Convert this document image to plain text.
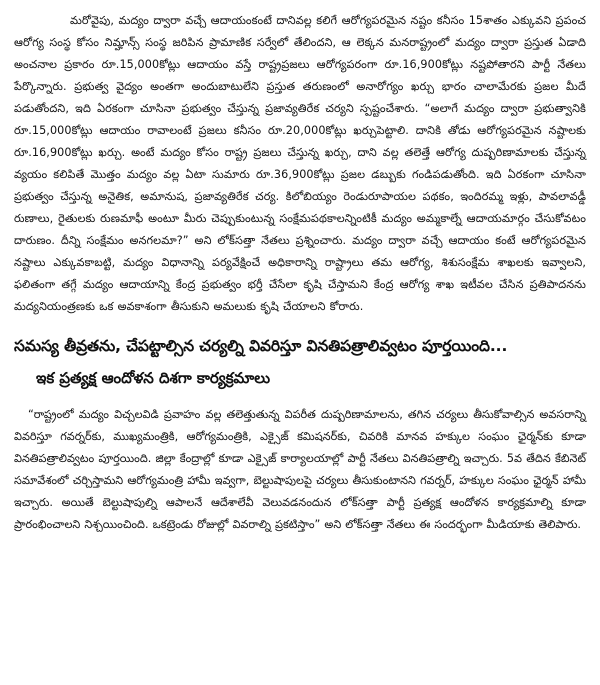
మరోవైపు, మద్యం ద్వారా వచ్చే ఆదాయంకంటే దానివల్ల కలిగే ఆరోగ్యపరమైన నష్టం కనీసం 15శాతం ఎక్కువని ప్రపంచ ఆరోగ్య సంస్థ కోసం నిమ్హాన్స్ సంస్థ జరిపిన ప్రామాణిక సర్వేలో తేలిందని, ఆ లెక్కన మనరాష్ట్రంలో మద్యం ద్వారా ప్రస్తుత ఏడాది అంచనాల ప్రకారం రూ.15,000కోట్లు ఆదాయం వస్తే రాష్ట్రప్రజలు ఆరోగ్యపరంగా రూ.16,900కోట్లు నష్టపోతారని పార్టీ నేతలు పేర్కొన్నారు. ప్రభుత్వ వైద్యం అంతగా అందుబాటులేని ప్రస్తుత తరుణంలో అనారోగ్యం ఖర్చు భారం చాలామేరకు ప్రజల మీదే పడుతోందని, ఇది ఏరకంగా చూసినా ప్రభుత్వం చేస్తున్న ప్రజావ్యతిరేక చర్యని స్పష్టంచేశారు. “అలాగే మద్యం ద్వారా ప్రభుత్వానికి రూ.15,000కోట్లు ఆదాయం రావాలంటే ప్రజలు కనీసం రూ.20,000కోట్లు ఖర్చుపెట్టాలి. దానికి తోడు ఆరోగ్యపరమైన నష్టాలకు రూ.16,900కోట్లు ఖర్చు. అంటే మద్యం కోసం రాష్ట్ర ప్రజలు చేస్తున్న ఖర్చు, దాని వల్ల తలెత్తే ఆరోగ్య దుష్పరిణామాలకు చేస్తున్న వ్యయం కలిపితే మొత్తం మద్యం వల్ల ఏటా సుమారు రూ.36,900కోట్లు ప్రజల డబ్బుకు గండిపడుతోంది. ఇది ఏరకంగా చూసినా ప్రభుత్వం చేస్తున్న అనైతిక, అమానుష, ప్రజావ్యతిరేక చర్య. కిలోబియ్యం రెండురూపాయల పథకం, ఇందిరమ్మ ఇళ్లు, పావలావడ్డీ రుణాలు, రైతులకు రుణమాఫీ అంటూ మీరు చెప్పుకుంటున్న సంక్షేమపథకాలన్నింటికీ మద్యం అమ్మకాల్నే ఆదాయమార్గం చేసుకోవటం దారుణం. దీన్ని సంక్షేమం అనగలమా?” అని లోక్‌సత్తా నేతలు ప్రశ్నించారు. మద్యం ద్వారా వచ్చే ఆదాయం కంటే ఆరోగ్యపరమైన నష్టాలు ఎక్కువకాబట్టి, మద్యం విధానాన్ని పర్యవేక్షించే అధికారాన్ని రాష్ట్రాలు తమ ఆరోగ్య, శిశుసంక్షేమ శాఖలకు ఇవ్వాలని, ఫలితంగా తగ్గే మద్యం ఆదాయాన్ని కేంద్ర ప్రభుత్వం భర్తీ చేసేలా కృషి చేస్తామని కేంద్ర ఆరోగ్య శాఖ ఇటీవల చేసిన ప్రతిపాదనను మద్యనియంత్రణకు ఒక అవకాశంగా తీసుకుని అమలుకు కృషి చేయాలని కోరారు.

సమస్య తీవ్రతను, చేపట్టాల్సిన చర్యల్ని వివరిస్తూ వినతిపత్రాలివ్వటం పూర్తయింది...
ఇక ప్రత్యక్ష ఆందోళన దిశగా కార్యక్రమాలు

“రాష్ట్రంలో మద్యం విచ్చలవిడి ప్రవాహం వల్ల తలెత్తుతున్న విపరీత దుష్పరిణామాలను, తగిన చర్యలు తీసుకోవాల్సిన అవసరాన్ని వివరిస్తూ గవర్నర్‌కు, ముఖ్యమంత్రికి, ఆరోగ్యమంత్రికి, ఎక్సైజ్ కమిషనర్‌కు, చివరికి మానవ హక్కుల సంఘం ఛైర్మన్‌కు కూడా వినతిపత్రాలివ్వటం పూర్తయింది. జిల్లా కేంద్రాల్లో కూడా ఎక్సైజ్ కార్యాలయాల్లో పార్టీ నేతలు వినతిపత్రాల్ని ఇచ్చారు. 5వ తేదిన కేబినెట్ సమావేశంలో చర్చిస్తామని ఆరోగ్యమంత్రి హామీ ఇవ్వగా, బెల్టుషాపులపై చర్యలు తీసుకుంటానని గవర్నర్, హక్కుల సంఘం ఛైర్మన్ హామీ ఇచ్చారు. అయితే బెల్టుషాపుల్ని ఆపాలనే ఆదేశాలేవీ వెలువడనందున లోక్‌సత్తా పార్టీ ప్రత్యక్ష ఆందోళన కార్యక్రమాల్ని కూడా ప్రారంభించాలని నిశ్చయించింది. ఒకట్రెండు రోజుల్లో వివరాల్ని ప్రకటిస్తాం” అని లోక్‌సత్తా నేతలు ఈ సందర్భంగా మీడియాకు తెలిపారు.
